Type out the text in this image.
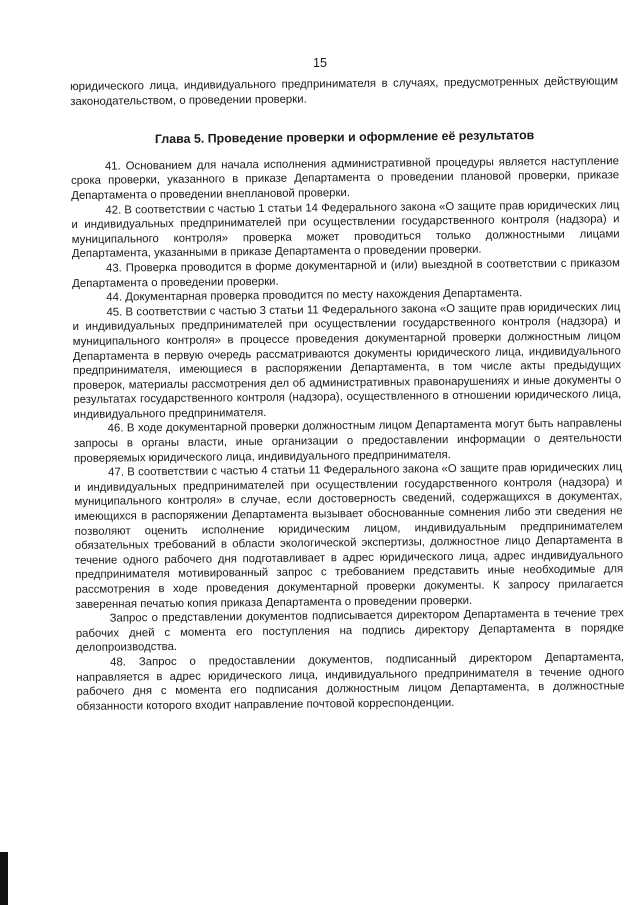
15

юридического лица, индивидуального предпринимателя в случаях, предусмотренных действующим законодательством, о проведении проверки.

Глава 5. Проведение проверки и оформление её результатов

41. Основанием для начала исполнения административной процедуры является наступление срока проверки, указанного в приказе Департамента о проведении плановой проверки, приказе Департамента о проведении внеплановой проверки.

42. В соответствии с частью 1 статьи 14 Федерального закона «О защите прав юридических лиц и индивидуальных предпринимателей при осуществлении государственного контроля (надзора) и муниципального контроля» проверка может проводиться только должностными лицами Департамента, указанными в приказе Департамента о проведении проверки.

43. Проверка проводится в форме документарной и (или) выездной в соответствии с приказом Департамента о проведении проверки.

44. Документарная проверка проводится по месту нахождения Департамента.

45. В соответствии с частью 3 статьи 11 Федерального закона «О защите прав юридических лиц и индивидуальных предпринимателей при осуществлении государственного контроля (надзора) и муниципального контроля» в процессе проведения документарной проверки должностным лицом Департамента в первую очередь рассматриваются документы юридического лица, индивидуального предпринимателя, имеющиеся в распоряжении Департамента, в том числе акты предыдущих проверок, материалы рассмотрения дел об административных правонарушениях и иные документы о результатах государственного контроля (надзора), осуществленного в отношении юридического лица, индивидуального предпринимателя.

46. В ходе документарной проверки должностным лицом Департамента могут быть направлены запросы в органы власти, иные организации о предоставлении информации о деятельности проверяемых юридического лица, индивидуального предпринимателя.

47. В соответствии с частью 4 статьи 11 Федерального закона «О защите прав юридических лиц и индивидуальных предпринимателей при осуществлении государственного контроля (надзора) и муниципального контроля» в случае, если достоверность сведений, содержащихся в документах, имеющихся в распоряжении Департамента вызывает обоснованные сомнения либо эти сведения не позволяют оценить исполнение юридическим лицом, индивидуальным предпринимателем обязательных требований в области экологической экспертизы, должностное лицо Департамента в течение одного рабочего дня подготавливает в адрес юридического лица, адрес индивидуального предпринимателя мотивированный запрос с требованием представить иные необходимые для рассмотрения в ходе проведения документарной проверки документы. К запросу прилагается заверенная печатью копия приказа Департамента о проведении проверки.

Запрос о представлении документов подписывается директором Департамента в течение трех рабочих дней с момента его поступления на подпись директору Департамента в порядке делопроизводства.

48. Запрос о предоставлении документов, подписанный директором Департамента, направляется в адрес юридического лица, индивидуального предпринимателя в течение одного рабочего дня с момента его подписания должностным лицом Департамента, в должностные обязанности которого входит направление почтовой корреспонденции.
